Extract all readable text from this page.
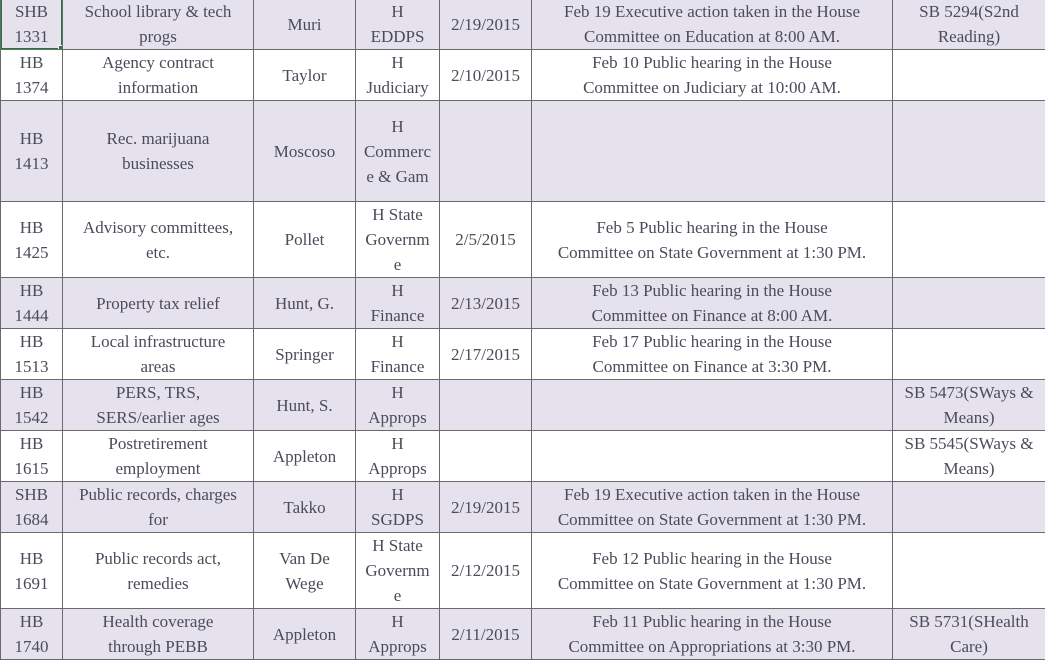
SHB
1331	School library & tech
progs	Muri	H
EDDPS	2/19/2015	Feb 19 Executive action taken in the House
Committee on Education at 8:00 AM.	SB 5294(S2nd
Reading)
HB
1374	Agency contract
information	Taylor	H
Judiciary	2/10/2015	Feb 10 Public hearing in the House
Committee on Judiciary at 10:00 AM.	
HB
1413	Rec. marijuana
businesses	Moscoso	H
Commerc
e & Gam			
HB
1425	Advisory committees,
etc.	Pollet	H State
Governm
e	2/5/2015	Feb 5 Public hearing in the House
Committee on State Government at 1:30 PM.	
HB
1444	Property tax relief	Hunt, G.	H
Finance	2/13/2015	Feb 13 Public hearing in the House
Committee on Finance at 8:00 AM.	
HB
1513	Local infrastructure
areas	Springer	H
Finance	2/17/2015	Feb 17 Public hearing in the House
Committee on Finance at 3:30 PM.	
HB
1542	PERS, TRS,
SERS/earlier ages	Hunt, S.	H
Approps			SB 5473(SWays &
Means)
HB
1615	Postretirement
employment	Appleton	H
Approps			SB 5545(SWays &
Means)
SHB
1684	Public records, charges
for	Takko	H
SGDPS	2/19/2015	Feb 19 Executive action taken in the House
Committee on State Government at 1:30 PM.	
HB
1691	Public records act,
remedies	Van De
Wege	H State
Governm
e	2/12/2015	Feb 12 Public hearing in the House
Committee on State Government at 1:30 PM.	
HB
1740	Health coverage
through PEBB	Appleton	H
Approps	2/11/2015	Feb 11 Public hearing in the House
Committee on Appropriations at 3:30 PM.	SB 5731(SHealth
Care)
